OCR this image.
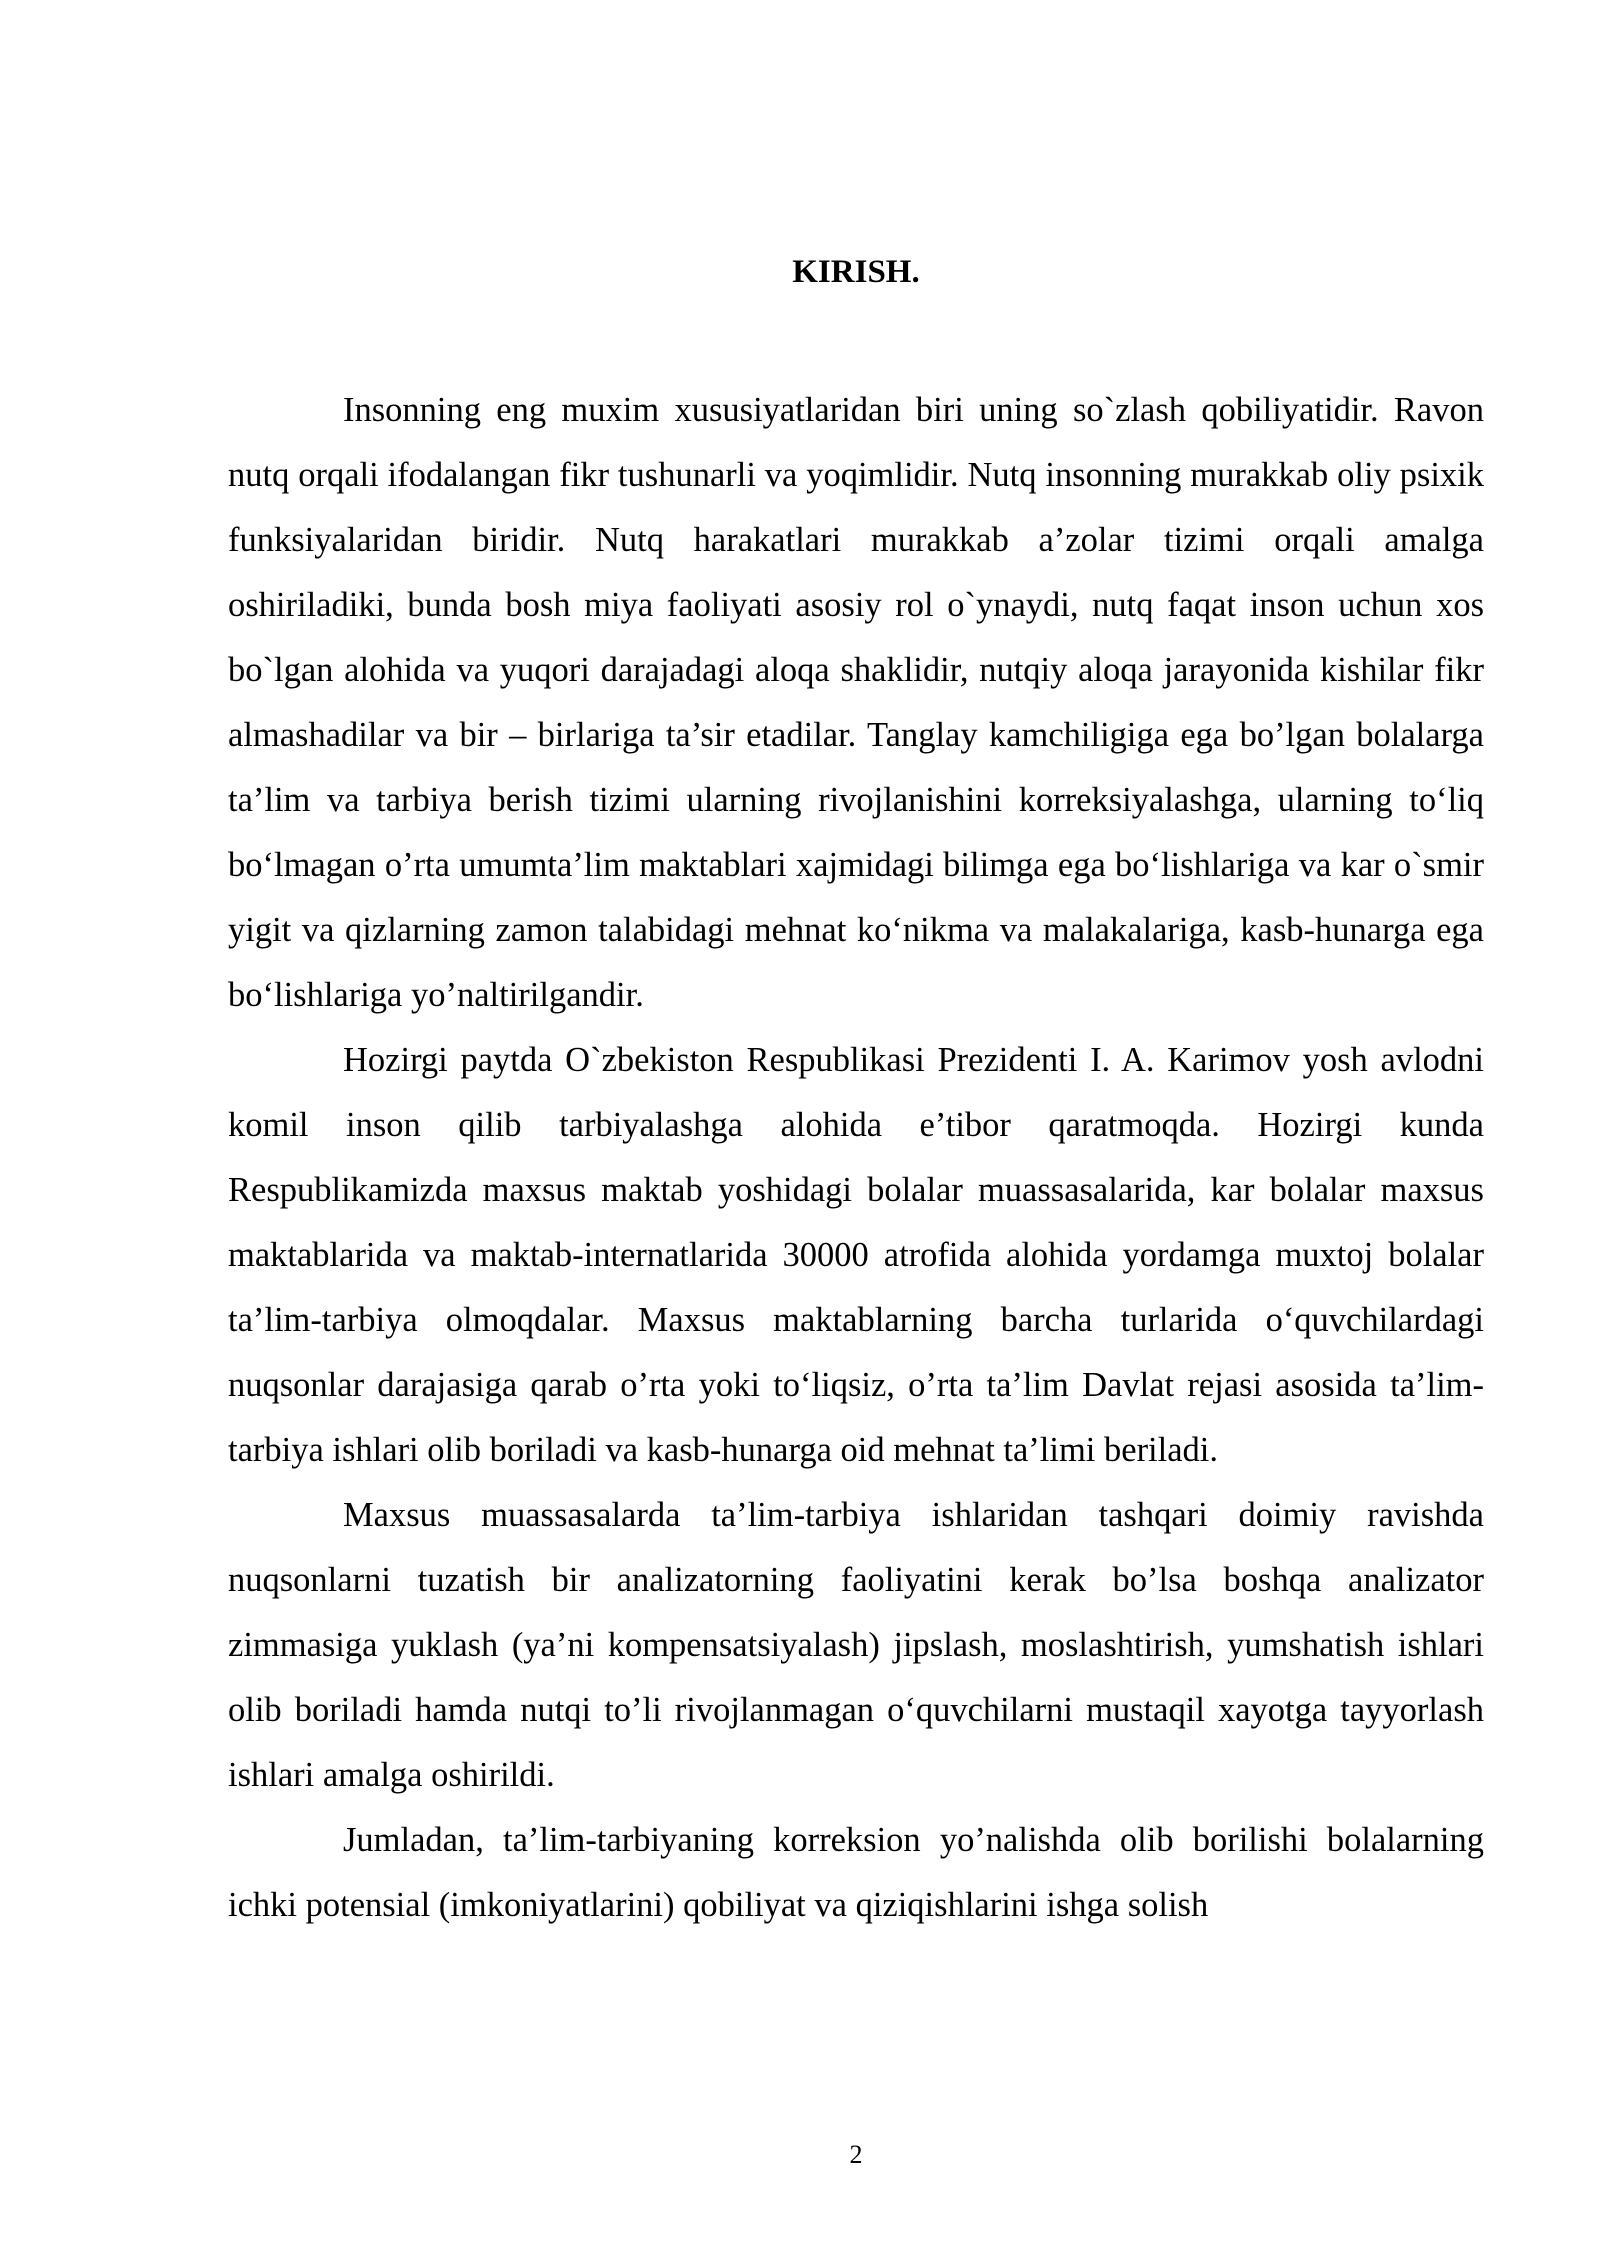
KIRISH.

Insonning eng muxim xususiyatlaridan biri uning so`zlash qobiliyatidir. Ravon nutq orqali ifodalangan fikr tushunarli va yoqimlidir. Nutq insonning murakkab oliy psixik funksiyalaridan biridir. Nutq harakatlari murakkab a’zolar tizimi orqali amalga oshiriladiki, bunda bosh miya faoliyati asosiy rol o`ynaydi, nutq faqat inson uchun xos bo`lgan alohida va yuqori darajadagi aloqa shaklidir, nutqiy aloqa jarayonida kishilar fikr almashadilar va bir – birlariga ta’sir etadilar. Tanglay kamchiligiga ega bo’lgan bolalarga ta’lim va tarbiya berish tizimi ularning rivojlanishini korreksiyalashga, ularning to‘liq bo‘lmagan o’rta umumta’lim maktablari xajmidagi bilimga ega bo‘lishlariga va kar o`smir yigit va qizlarning zamon talabidagi mehnat ko‘nikma va malakalariga, kasb-hunarga ega bo‘lishlariga yo’naltirilgandir.

Hozirgi paytda O`zbekiston Respublikasi Prezidenti I. A. Karimov yosh avlodni komil inson qilib tarbiyalashga alohida e’tibor qaratmoqda. Hozirgi kunda Respublikamizda maxsus maktab yoshidagi bolalar muassasalarida, kar bolalar maxsus maktablarida va maktab-internatlarida 30000 atrofida alohida yordamga muxtoj bolalar ta’lim-tarbiya olmoqdalar. Maxsus maktablarning barcha turlarida o‘quvchilardagi nuqsonlar darajasiga qarab o’rta yoki to‘liqsiz, o’rta ta’lim Davlat rejasi asosida ta’lim-tarbiya ishlari olib boriladi va kasb-hunarga oid mehnat ta’limi beriladi.

Maxsus muassasalarda ta’lim-tarbiya ishlaridan tashqari doimiy ravishda nuqsonlarni tuzatish bir analizatorning faoliyatini kerak bo’lsa boshqa analizator zimmasiga yuklash (ya’ni kompensatsiyalash) jipslash, moslashtirish, yumshatish ishlari olib boriladi hamda nutqi to’li rivojlanmagan o‘quvchilarni mustaqil xayotga tayyorlash ishlari amalga oshirildi.

Jumladan, ta’lim-tarbiyaning korreksion yo’nalishda olib borilishi bolalarning ichki potensial (imkoniyatlarini) qobiliyat va qiziqishlarini ishga solish

2
